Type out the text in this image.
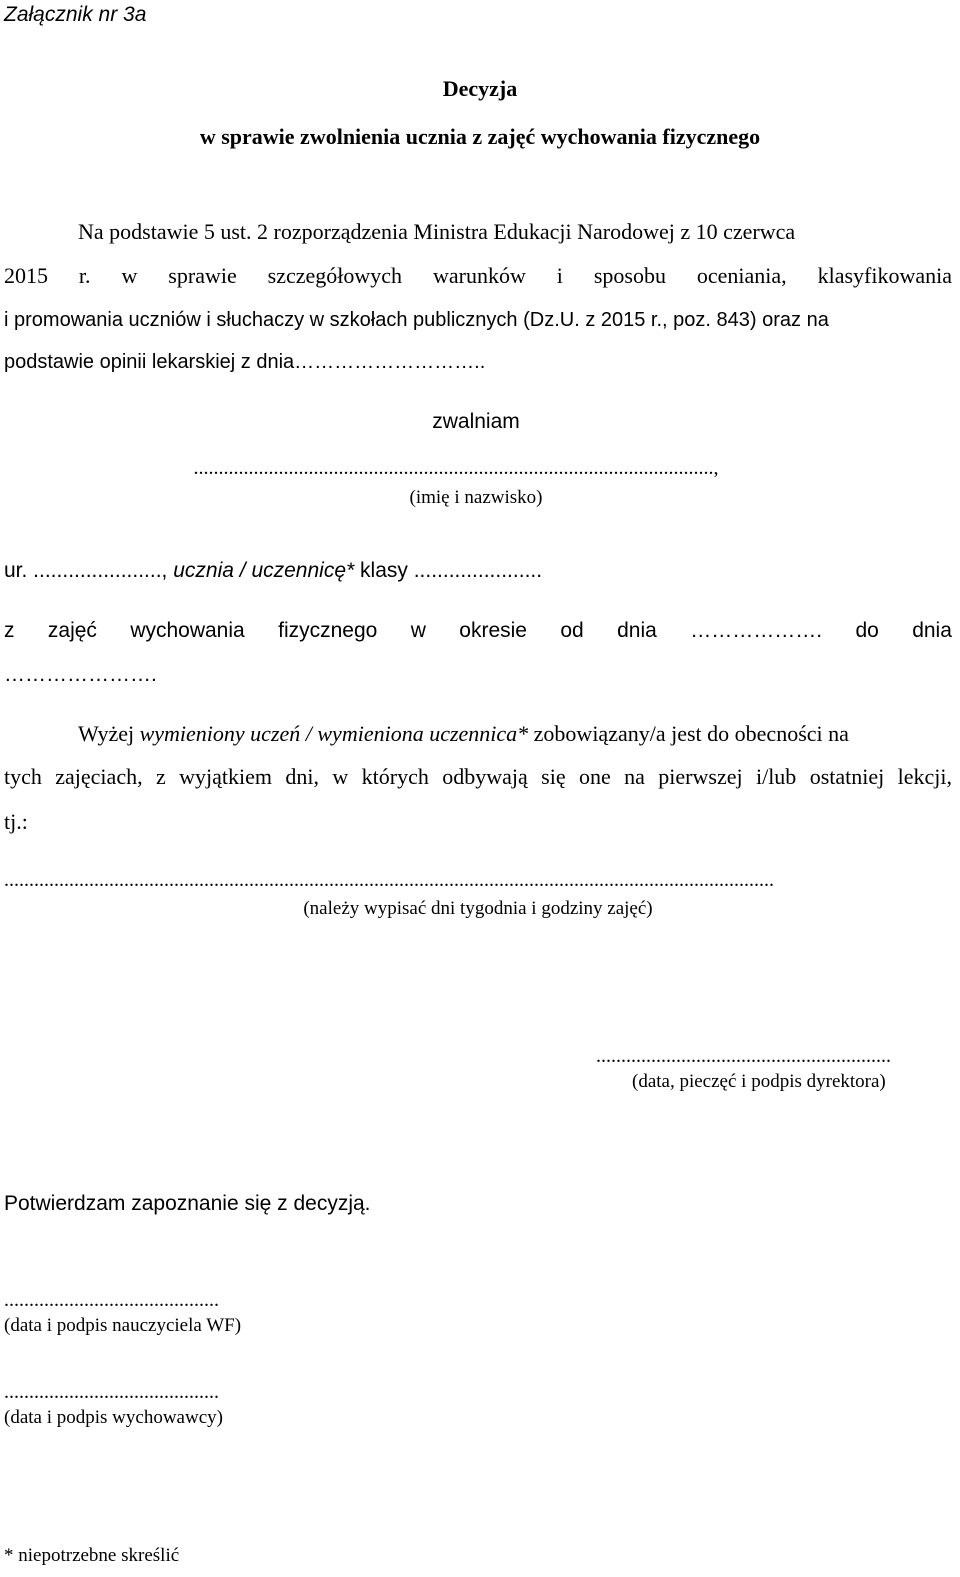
Załącznik nr 3a
Decyzja
w sprawie zwolnienia ucznia z zajęć wychowania fizycznego
Na podstawie 5 ust. 2 rozporządzenia Ministra Edukacji Narodowej z 10 czerwca
2015 r. w sprawie szczegółowych warunków i sposobu oceniania, klasyfikowania
i promowania uczniów i słuchaczy w szkołach publicznych (Dz.U. z 2015 r., poz. 843) oraz na
podstawie opinii lekarskiej z dnia………………………..
zwalniam
........................................................................................................,
(imię i nazwisko)
ur. ......................, ucznia / uczennicę* klasy ......................
z zajęć wychowania fizycznego w okresie od dnia ………………. do dnia
………………….
Wyżej wymieniony uczeń / wymieniona uczennica* zobowiązany/a jest do obecności na
tych zajęciach, z wyjątkiem dni, w których odbywają się one na pierwszej i/lub ostatniej lekcji,
tj.:
..........................................................................................................................................................
(należy wypisać dni tygodnia i godziny zajęć)
...........................................................
(data, pieczęć i podpis dyrektora)
Potwierdzam zapoznanie się z decyzją.
...........................................
(data i podpis nauczyciela WF)
...........................................
(data i podpis wychowawcy)
* niepotrzebne skreślić
